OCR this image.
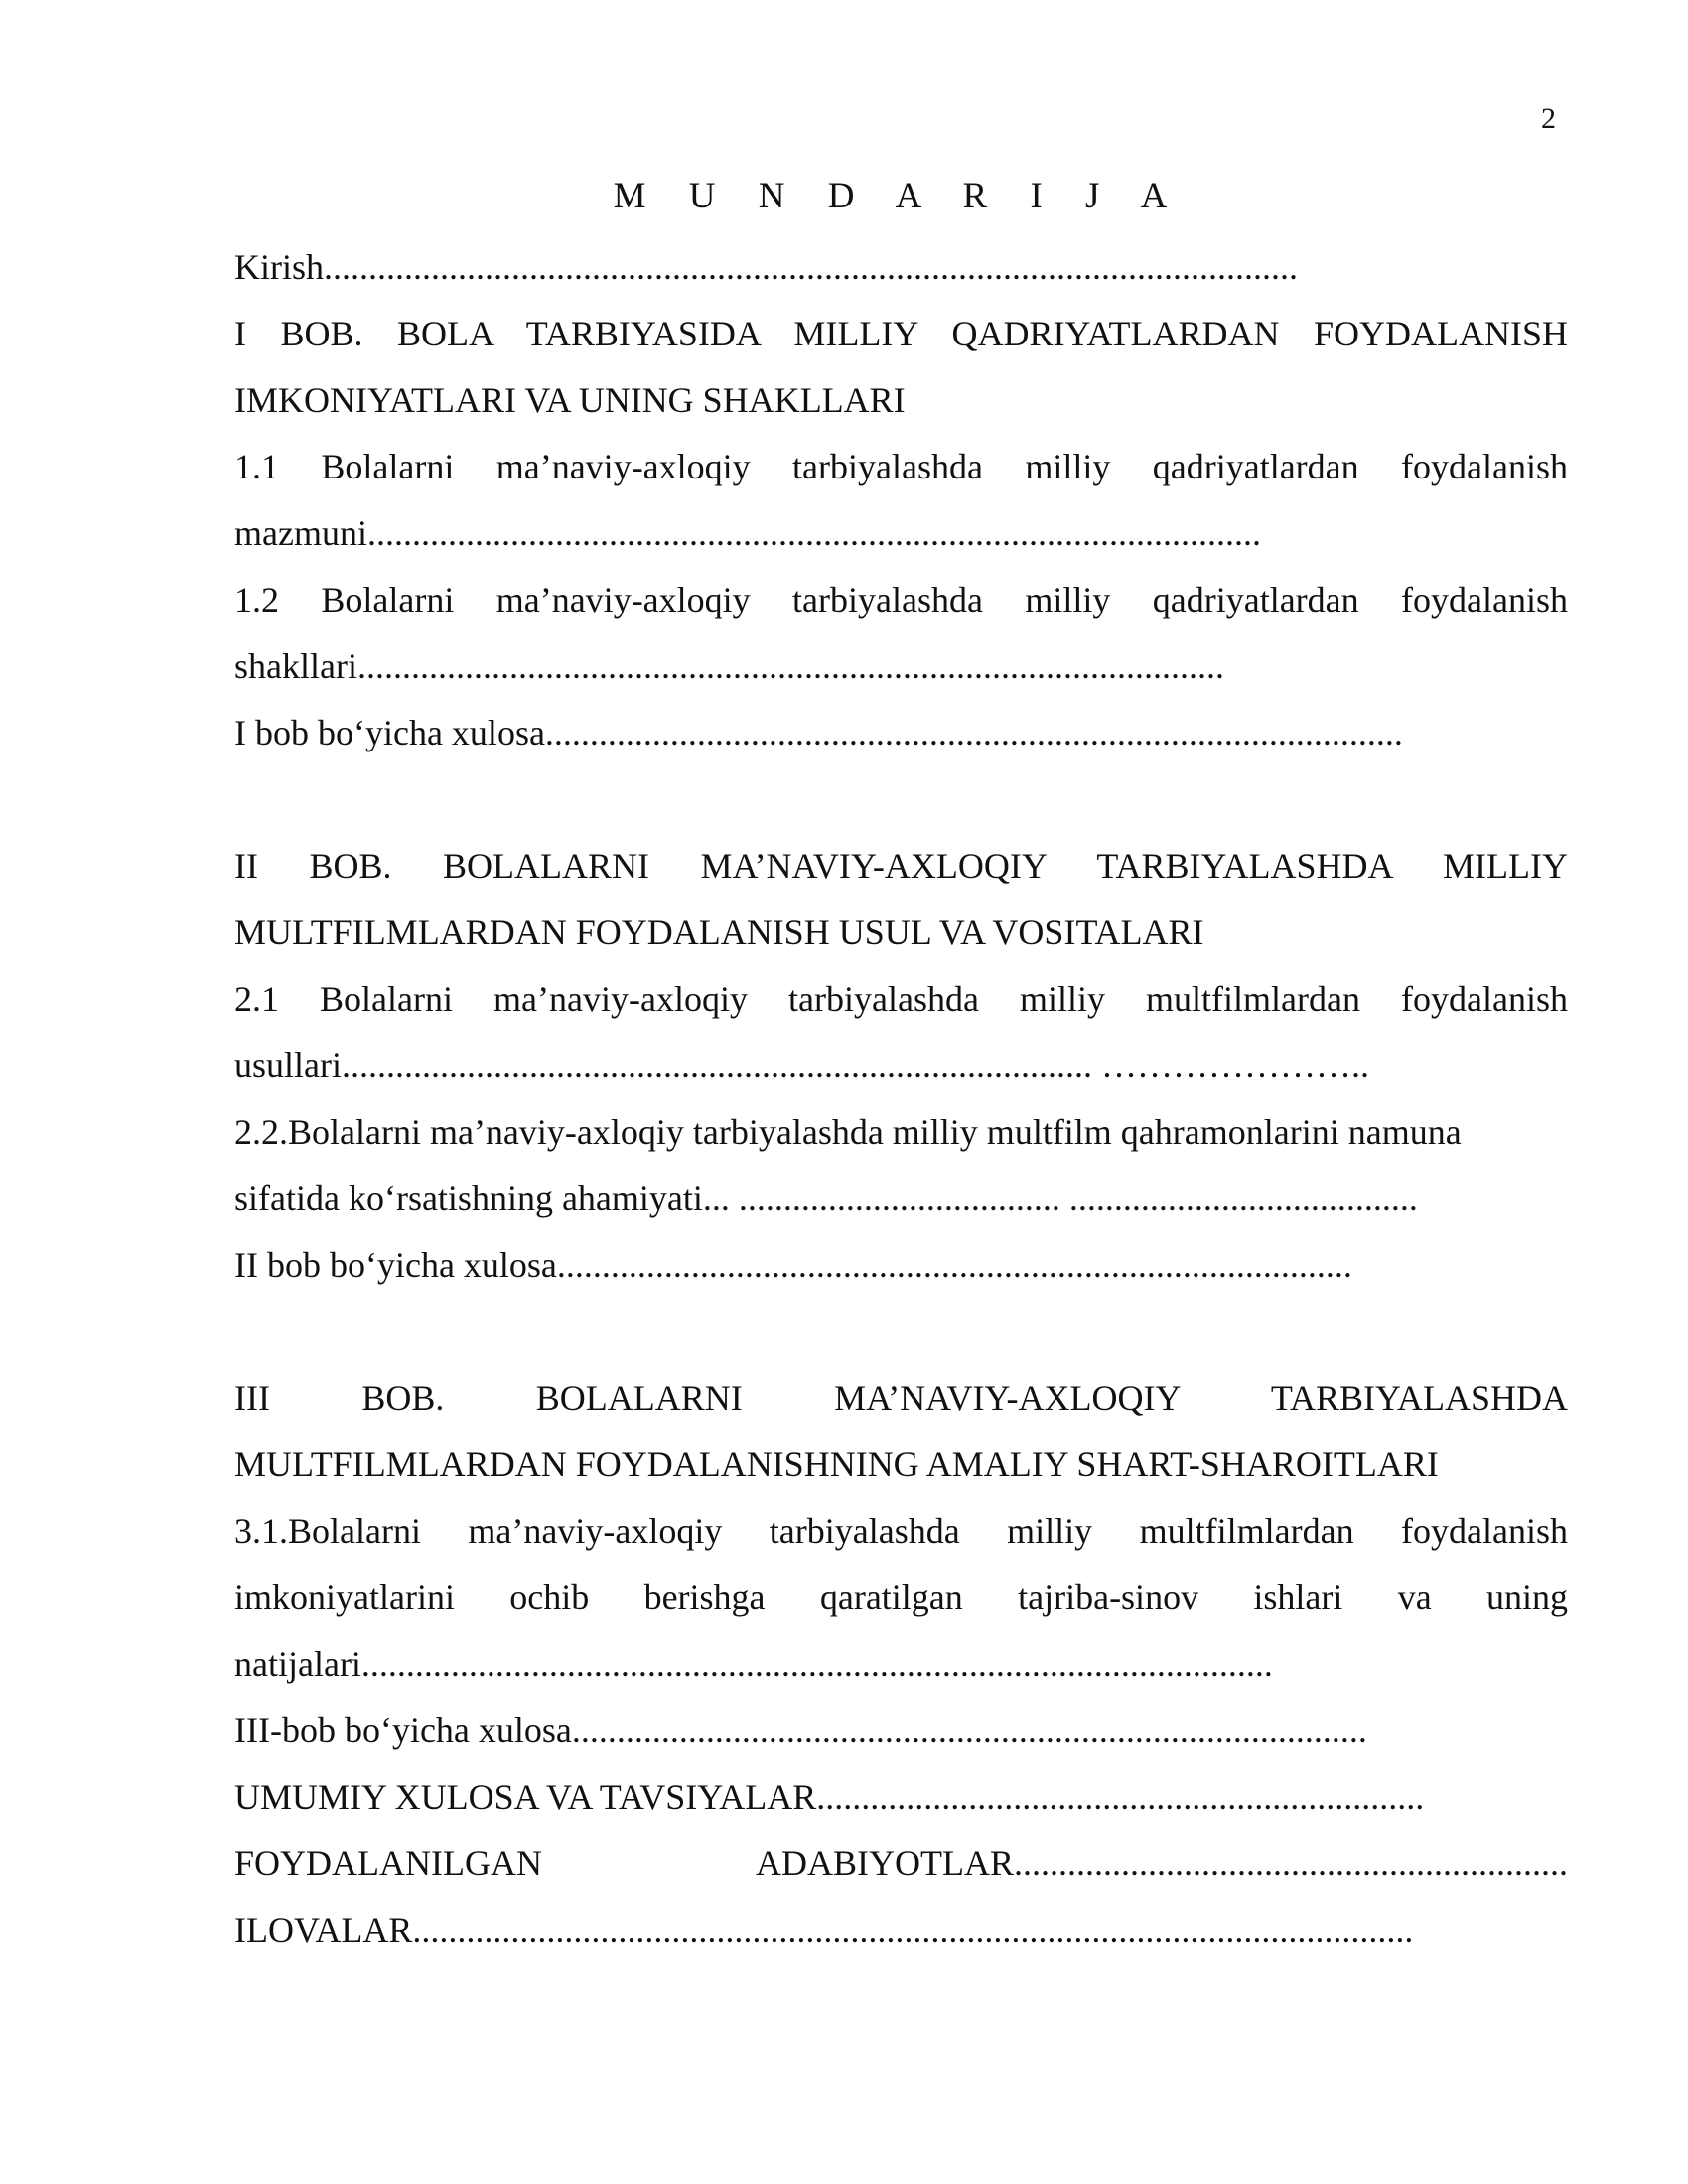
2
M U N D A R I J A
Kirish.............................................................................................................
I BOB. BOLA TARBIYASIDA MILLIY QADRIYATLARDAN FOYDALANISH
IMKONIYATLARI VA UNING SHAKLLARI
1.1 Bolalarni ma’naviy-axloqiy tarbiyalashda milliy qadriyatlardan foydalanish
mazmuni....................................................................................................
1.2 Bolalarni ma’naviy-axloqiy tarbiyalashda milliy qadriyatlardan foydalanish
shakllari.................................................................................................
I bob bo‘yicha xulosa................................................................................................
II BOB. BOLALARNI MA’NAVIY-AXLOQIY TARBIYALASHDA MILLIY
MULTFILMLARDAN FOYDALANISH USUL VA VOSITALARI
2.1 Bolalarni ma’naviy-axloqiy tarbiyalashda milliy multfilmlardan foydalanish
usullari.................................................................................... …………………..
2.2.Bolalarni ma’naviy-axloqiy tarbiyalashda milliy multfilm qahramonlarini namuna
sifatida ko‘rsatishning ahamiyati... .................................... .......................................
II bob bo‘yicha xulosa.........................................................................................
III BOB. BOLALARNI MA’NAVIY-AXLOQIY TARBIYALASHDA
MULTFILMLARDAN FOYDALANISHNING AMALIY SHART-SHAROITLARI
3.1.Bolalarni ma’naviy-axloqiy tarbiyalashda milliy multfilmlardan foydalanish
imkoniyatlarini ochib berishga qaratilgan tajriba-sinov ishlari va uning
natijalari......................................................................................................
III-bob bo‘yicha xulosa.........................................................................................
UMUMIY XULOSA VA TAVSIYALAR....................................................................
FOYDALANILGAN ADABIYOTLAR..............................................................
ILOVALAR................................................................................................................
